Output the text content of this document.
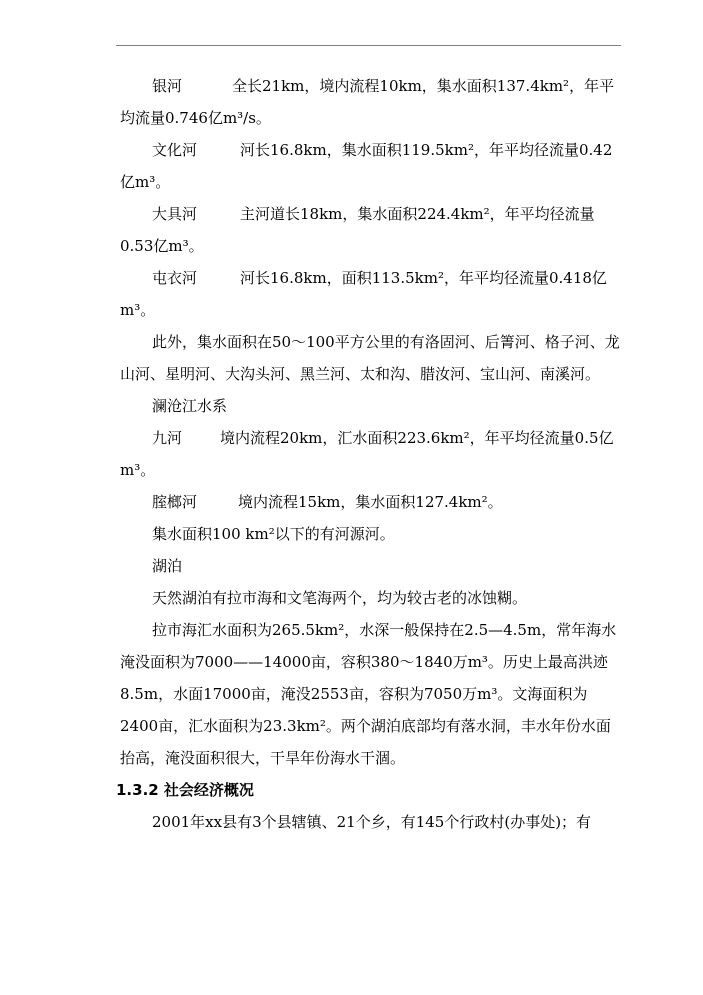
银河	全长21km，境内流程10km，集水面积137.4km²，年平均流量0.746亿m³/s。

文化河	河长16.8km，集水面积119.5km²，年平均径流量0.42亿m³。

大具河	主河道长18km，集水面积224.4km²，年平均径流量0.53亿m³。

屯衣河	河长16.8km，面积113.5km²，年平均径流量0.418亿m³。

此外，集水面积在50～100平方公里的有洛固河、后箐河、格子河、龙山河、星明河、大沟头河、黑兰河、太和沟、腊汝河、宝山河、南溪河。

澜沧江水系

九河	境内流程20km，汇水面积223.6km²，年平均径流量0.5亿m³。

腟榔河	境内流程15km，集水面积127.4km²。

集水面积100 km²以下的有河源河。

湖泊

天然湖泊有拉市海和文笔海两个，均为较古老的冰蚀糊。

拉市海汇水面积为265.5km²，水深一般保持在2.5—4.5m，常年海水淹没面积为7000——14000亩，容积380～1840万m³。历史上最高洪迹8.5m，水面17000亩，淹没2553亩，容积为7050万m³。文海面积为2400亩，汇水面积为23.3km²。两个湖泊底部均有落水洞，丰水年份水面抬高，淹没面积很大，干旱年份海水干涸。

1.3.2 社会经济概况

2001年xx县有3个县辖镇、21个乡，有145个行政村(办事处)；有
